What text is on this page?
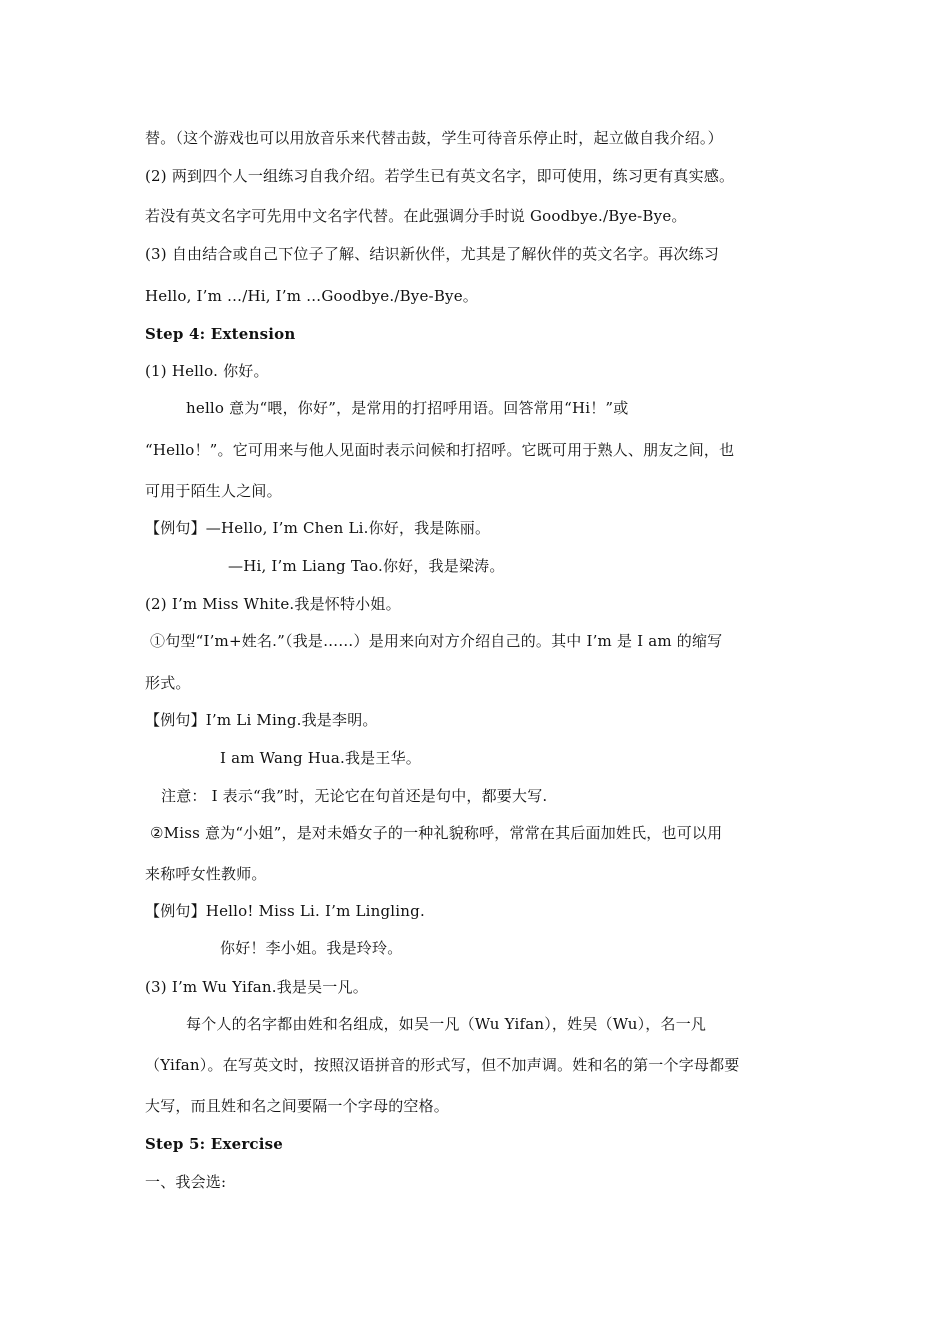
替。（这个游戏也可以用放音乐来代替击鼓，学生可待音乐停止时，起立做自我介绍。）
(2) 两到四个人一组练习自我介绍。若学生已有英文名字，即可使用，练习更有真实感。
若没有英文名字可先用中文名字代替。在此强调分手时说 Goodbye./Bye-Bye。
(3) 自由结合或自己下位子了解、结识新伙伴，尤其是了解伙伴的英文名字。再次练习
Hello, I’m …/Hi, I’m …Goodbye./Bye-Bye。
Step 4: Extension
(1) Hello. 你好。
hello 意为“喂，你好”，是常用的打招呼用语。回答常用“Hi！”或
“Hello！”。它可用来与他人见面时表示问候和打招呼。它既可用于熟人、朋友之间，也
可用于陌生人之间。
【例句】—Hello, I’m Chen Li.你好，我是陈丽。
—Hi, I’m Liang Tao.你好，我是梁涛。
(2) I’m Miss White.我是怀特小姐。
①句型“I’m+姓名.”（我是……）是用来向对方介绍自己的。其中 I’m 是 I am 的缩写
形式。
【例句】I’m Li Ming.我是李明。
I am Wang Hua.我是王华。
注意： I 表示“我”时，无论它在句首还是句中，都要大写.
②Miss 意为“小姐”，是对未婚女子的一种礼貌称呼，常常在其后面加姓氏，也可以用
来称呼女性教师。
【例句】Hello! Miss Li. I’m Lingling.
你好！李小姐。我是玲玲。
(3) I’m Wu Yifan.我是吴一凡。
每个人的名字都由姓和名组成，如吴一凡（Wu Yifan），姓吴（Wu），名一凡
（Yifan）。在写英文时，按照汉语拼音的形式写，但不加声调。姓和名的第一个字母都要
大写，而且姓和名之间要隔一个字母的空格。
Step 5: Exercise
一、我会选:
